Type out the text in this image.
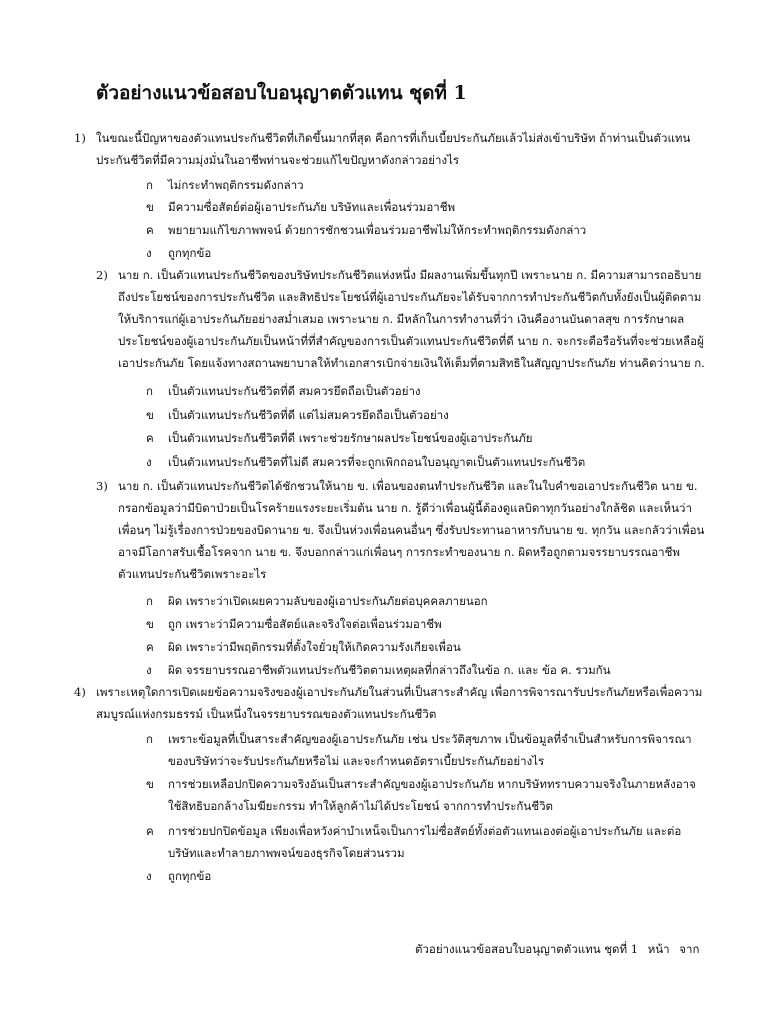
ตัวอย่างแนวข้อสอบใบอนุญาตตัวแทน ชุดที่ 1
1) ในขณะนี้ปัญหาของตัวแทนประกันชีวิตที่เกิดขึ้นมากที่สุด คือการที่เก็บเบี้ยประกันภัยแล้วไม่ส่งเข้าบริษัท ถ้าท่านเป็นตัวแทนประกันชีวิตที่มีความมุ่งมั่นในอาชีพท่านจะช่วยแก้ไขปัญหาดังกล่าวอย่างไร
ก ไม่กระทำพฤติกรรมดังกล่าว
ข มีความซื่อสัตย์ต่อผู้เอาประกันภัย บริษัทและเพื่อนร่วมอาชีพ
ค พยายามแก้ไขภาพพจน์ ด้วยการชักชวนเพื่อนร่วมอาชีพไม่ให้กระทำพฤติกรรมดังกล่าว
ง ถูกทุกข้อ
2) นาย ก. เป็นตัวแทนประกันชีวิตของบริษัทประกันชีวิตแห่งหนึ่ง มีผลงานเพิ่มขึ้นทุกปี เพราะนาย ก. มีความสามารถอธิบายถึงประโยชน์ของการประกันชีวิต และสิทธิประโยชน์ที่ผู้เอาประกันภัยจะได้รับจากการทำประกันชีวิตกับทั้งยังเป็นผู้ติดตามให้บริการแก่ผู้เอาประกันภัยอย่างสม่ำเสมอ เพราะนาย ก. มีหลักในการทำงานที่ว่า เงินคืองานบันดาลสุข การรักษาผลประโยชน์ของผู้เอาประกันภัยเป็นหน้าที่ที่สำคัญของการเป็นตัวแทนประกันชีวิตที่ดี นาย ก. จะกระตือรือร้นที่จะช่วยเหลือผู้เอาประกันภัย โดยแจ้งทางสถานพยาบาลให้ทำเอกสารเบิกจ่ายเงินให้เต็มที่ตามสิทธิในสัญญาประกันภัย ท่านคิดว่านาย ก.
ก เป็นตัวแทนประกันชีวิตที่ดี สมควรยึดถือเป็นตัวอย่าง
ข เป็นตัวแทนประกันชีวิตที่ดี แต่ไม่สมควรยึดถือเป็นตัวอย่าง
ค เป็นตัวแทนประกันชีวิตที่ดี เพราะช่วยรักษาผลประโยชน์ของผู้เอาประกันภัย
ง เป็นตัวแทนประกันชีวิตที่ไม่ดี สมควรที่จะถูกเพิกถอนใบอนุญาตเป็นตัวแทนประกันชีวิต
3) นาย ก. เป็นตัวแทนประกันชีวิตได้ชักชวนให้นาย ข. เพื่อนของตนทำประกันชีวิต และในใบคำขอเอาประกันชีวิต นาย ข. กรอกข้อมูลว่ามีบิดาป่วยเป็นโรคร้ายแรงระยะเริ่มต้น นาย ก. รู้ดีว่าเพื่อนผู้นี้ต้องดูแลบิดาทุกวันอย่างใกล้ชิด และเห็นว่าเพื่อนๆ ไม่รู้เรื่องการป่วยของบิดานาย ข. จึงเป็นห่วงเพื่อนคนอื่นๆ ซึ่งรับประทานอาหารกับนาย ข. ทุกวัน และกลัวว่าเพื่อนอาจมีโอกาสรับเชื้อโรคจาก นาย ข. จึงบอกกล่าวแก่เพื่อนๆ การกระทำของนาย ก. ผิดหรือถูกตามจรรยาบรรณอาชีพตัวแทนประกันชีวิตเพราะอะไร
ก ผิด เพราะว่าเปิดเผยความลับของผู้เอาประกันภัยต่อบุคคลภายนอก
ข ถูก เพราะว่ามีความซื่อสัตย์และจริงใจต่อเพื่อนร่วมอาชีพ
ค ผิด เพราะว่ามีพฤติกรรมที่ตั้งใจยั่วยุให้เกิดความรังเกียจเพื่อน
ง ผิด จรรยาบรรณอาชีพตัวแทนประกันชีวิตตามเหตุผลที่กล่าวถึงในข้อ ก. และ ข้อ ค. รวมกัน
4) เพราะเหตุใดการเปิดเผยข้อความจริงของผู้เอาประกันภัยในส่วนที่เป็นสาระสำคัญ เพื่อการพิจารณารับประกันภัยหรือเพื่อความสมบูรณ์แห่งกรมธรรม์ เป็นหนึ่งในจรรยาบรรณของตัวแทนประกันชีวิต
ก เพราะข้อมูลที่เป็นสาระสำคัญของผู้เอาประกันภัย เช่น ประวัติสุขภาพ เป็นข้อมูลที่จำเป็นสำหรับการพิจารณาของบริษัทว่าจะรับประกันภัยหรือไม่ และจะกำหนดอัตราเบี้ยประกันภัยอย่างไร
ข การช่วยเหลือปกปิดความจริงอันเป็นสาระสำคัญของผู้เอาประกันภัย หากบริษัททราบความจริงในภายหลังอาจใช้สิทธิบอกล้างโมฆียะกรรม ทำให้ลูกค้าไม่ได้ประโยชน์ จากการทำประกันชีวิต
ค การช่วยปกปิดข้อมูล เพียงเพื่อหวังค่าบำเหน็จเป็นการไม่ซื่อสัตย์ทั้งต่อตัวแทนเองต่อผู้เอาประกันภัย และต่อบริษัทและทำลายภาพพจน์ของธุรกิจโดยส่วนรวม
ง ถูกทุกข้อ
ตัวอย่างแนวข้อสอบใบอนุญาตตัวแทน ชุดที่ 1 หน้า จาก
